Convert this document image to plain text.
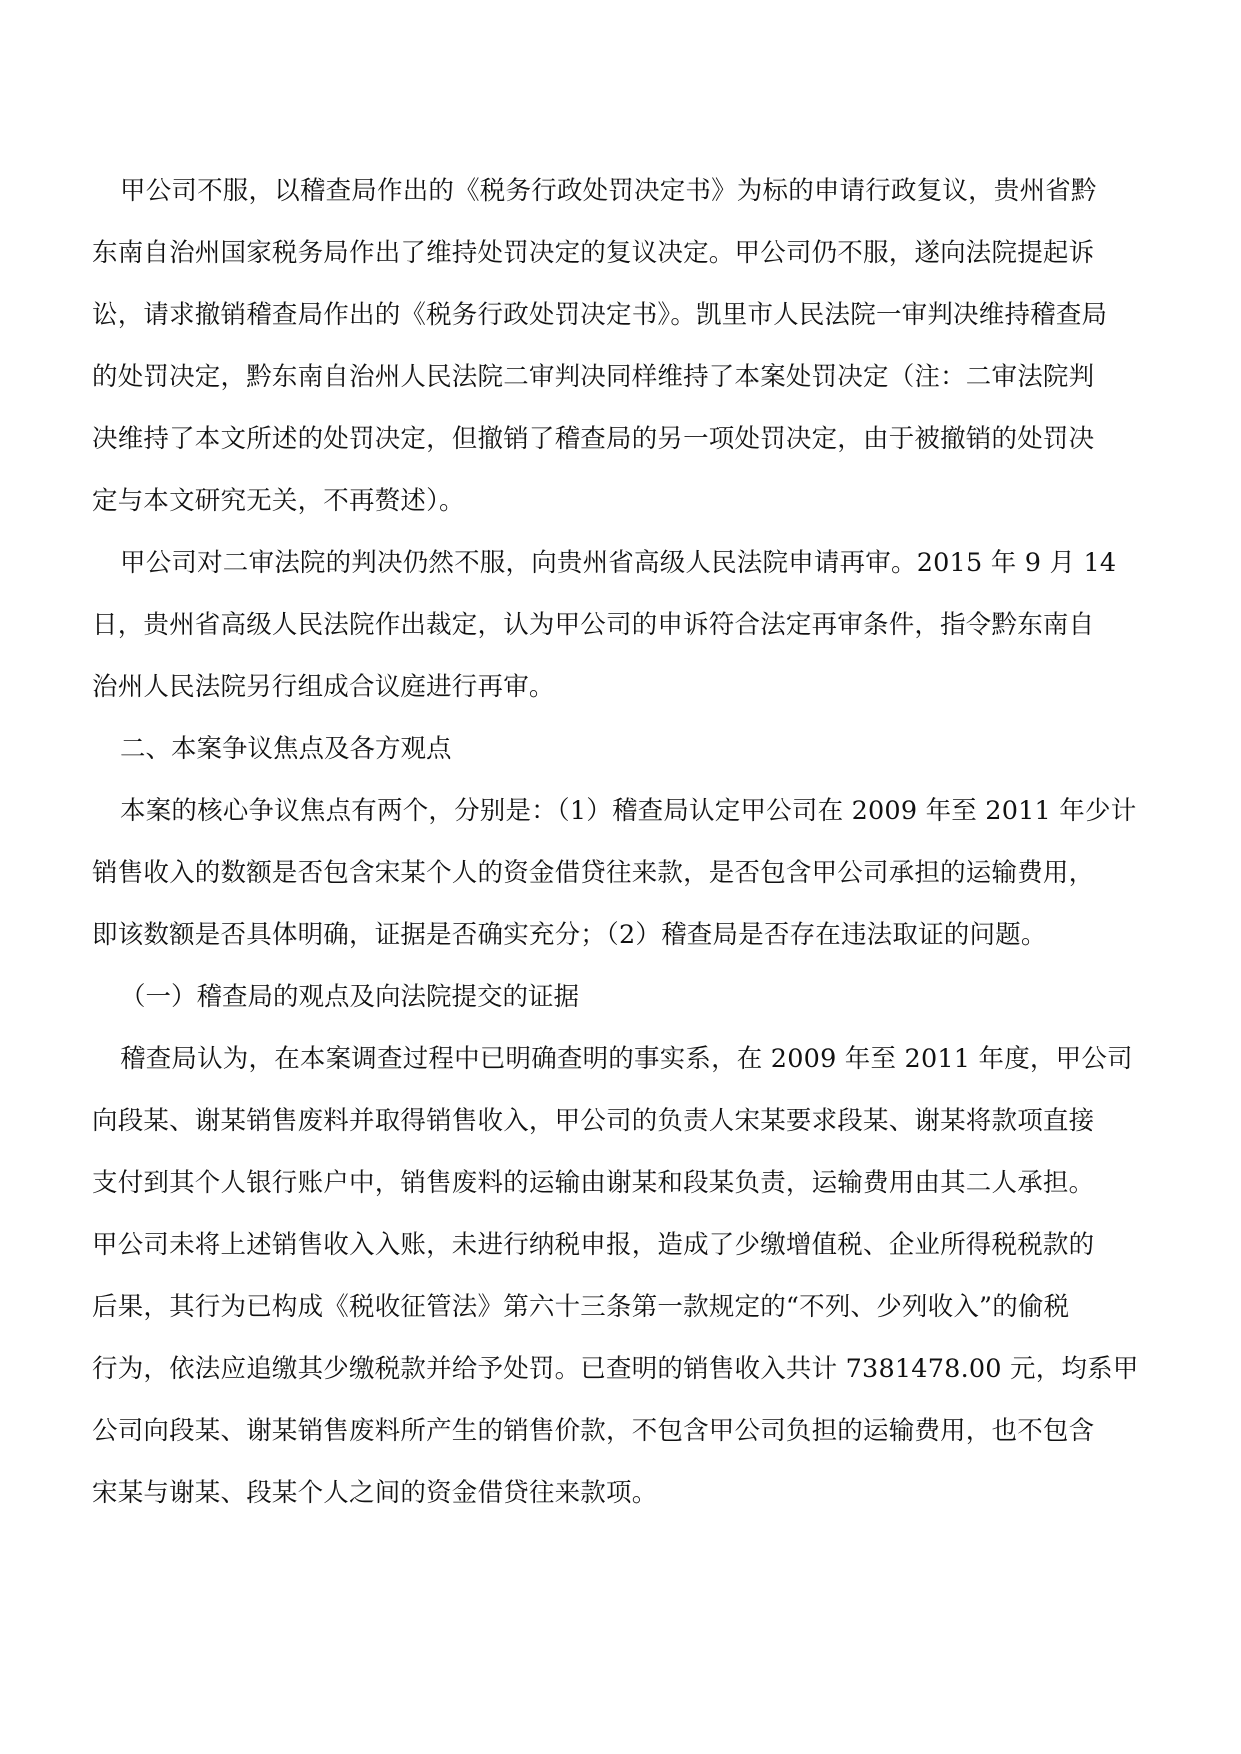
甲公司不服，以稽查局作出的《税务行政处罚决定书》为标的申请行政复议，贵州省黔
东南自治州国家税务局作出了维持处罚决定的复议决定。甲公司仍不服，遂向法院提起诉
讼，请求撤销稽查局作出的《税务行政处罚决定书》。凯里市人民法院一审判决维持稽查局
的处罚决定，黔东南自治州人民法院二审判决同样维持了本案处罚决定（注：二审法院判
决维持了本文所述的处罚决定，但撤销了稽查局的另一项处罚决定，由于被撤销的处罚决
定与本文研究无关，不再赘述）。
甲公司对二审法院的判决仍然不服，向贵州省高级人民法院申请再审。2015 年 9 月 14
日，贵州省高级人民法院作出裁定，认为甲公司的申诉符合法定再审条件，指令黔东南自
治州人民法院另行组成合议庭进行再审。
二、本案争议焦点及各方观点
本案的核心争议焦点有两个，分别是：（1）稽查局认定甲公司在 2009 年至 2011 年少计
销售收入的数额是否包含宋某个人的资金借贷往来款，是否包含甲公司承担的运输费用，
即该数额是否具体明确，证据是否确实充分；（2）稽查局是否存在违法取证的问题。
（一）稽查局的观点及向法院提交的证据
稽查局认为，在本案调查过程中已明确查明的事实系，在 2009 年至 2011 年度，甲公司
向段某、谢某销售废料并取得销售收入，甲公司的负责人宋某要求段某、谢某将款项直接
支付到其个人银行账户中，销售废料的运输由谢某和段某负责，运输费用由其二人承担。
甲公司未将上述销售收入入账，未进行纳税申报，造成了少缴增值税、企业所得税税款的
后果，其行为已构成《税收征管法》第六十三条第一款规定的“不列、少列收入”的偷税
行为，依法应追缴其少缴税款并给予处罚。已查明的销售收入共计 7381478.00 元，均系甲
公司向段某、谢某销售废料所产生的销售价款，不包含甲公司负担的运输费用，也不包含
宋某与谢某、段某个人之间的资金借贷往来款项。
